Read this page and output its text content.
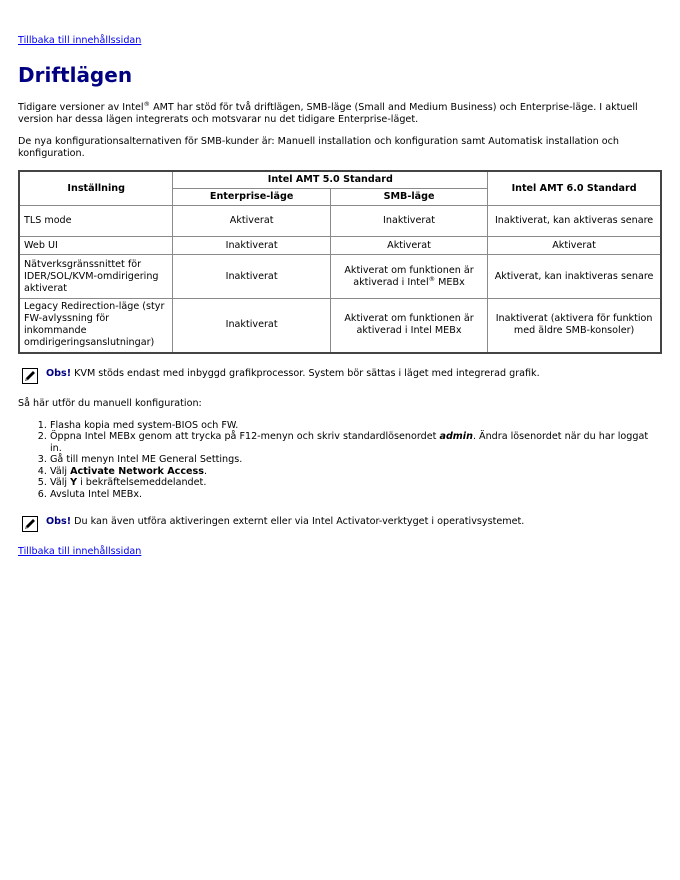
Tillbaka till innehållssidan
Driftlägen

Tidigare versioner av Intel® AMT har stöd för två driftlägen, SMB-läge (Small and Medium Business) och Enterprise-läge. I aktuell version har dessa lägen integrerats och motsvarar nu det tidigare Enterprise-läget.

De nya konfigurationsalternativen för SMB-kunder är: Manuell installation och konfiguration samt Automatisk installation och konfiguration.

Inställning	Intel AMT 5.0 Standard		Intel AMT 6.0 Standard
	Enterprise-läge	SMB-läge	
TLS mode	Aktiverat	Inaktiverat	Inaktiverat, kan aktiveras senare
Web UI	Inaktiverat	Aktiverat	Aktiverat
Nätverksgränssnittet för IDER/SOL/KVM-omdirigering aktiverat	Inaktiverat	Aktiverat om funktionen är aktiverad i Intel® MEBx	Aktiverat, kan inaktiveras senare
Legacy Redirection-läge (styr FW-avlyssning för inkommande omdirigeringsanslutningar)	Inaktiverat	Aktiverat om funktionen är aktiverad i Intel MEBx	Inaktiverat (aktivera för funktion med äldre SMB-konsoler)
Obs! KVM stöds endast med inbyggd grafikprocessor. System bör sättas i läget med integrerad grafik.

Så här utför du manuell konfiguration:

1. Flasha kopia med system-BIOS och FW.
2. Öppna Intel MEBx genom att trycka på F12-menyn och skriv standardlösenordet admin. Ändra lösenordet när du har loggat in.
3. Gå till menyn Intel ME General Settings.
4. Välj Activate Network Access.
5. Välj Y i bekräftelsemeddelandet.
6. Avsluta Intel MEBx.
Obs! Du kan även utföra aktiveringen externt eller via Intel Activator-verktyget i operativsystemet.
Tillbaka till innehållssidan
